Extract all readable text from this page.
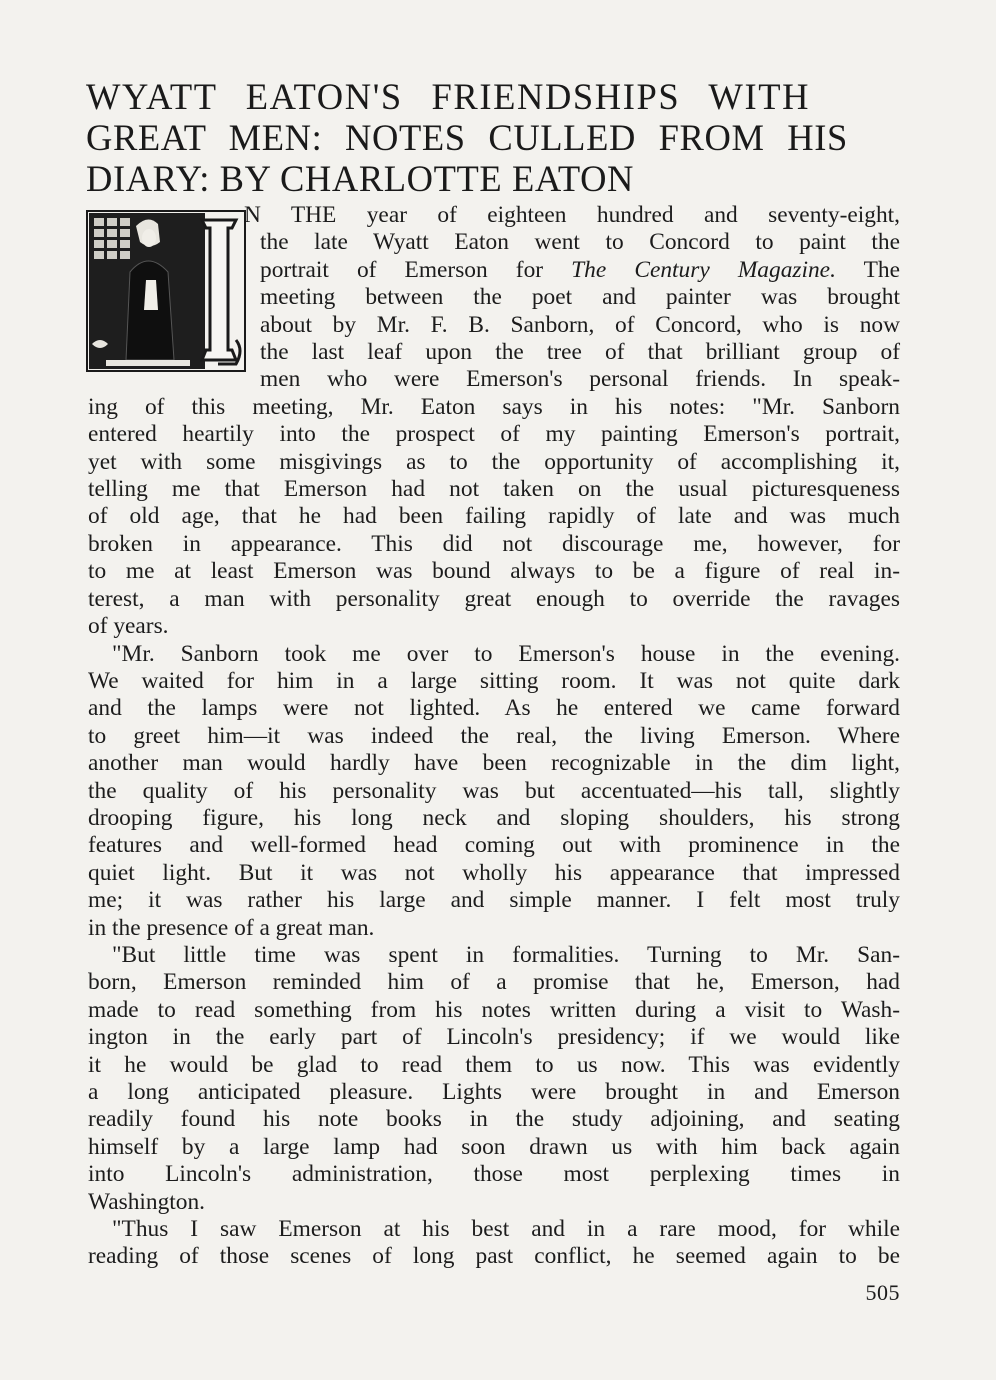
WYATT EATON'S FRIENDSHIPS WITH
GREAT MEN: NOTES CULLED FROM HIS
DIARY: BY CHARLOTTE EATON
N THE year of eighteen hundred and seventy-eight,
the late Wyatt Eaton went to Concord to paint the
portrait of Emerson for The Century Magazine. The
meeting between the poet and painter was brought
about by Mr. F. B. Sanborn, of Concord, who is now
the last leaf upon the tree of that brilliant group of
men who were Emerson's personal friends. In speak-
ing of this meeting, Mr. Eaton says in his notes: "Mr. Sanborn
entered heartily into the prospect of my painting Emerson's portrait,
yet with some misgivings as to the opportunity of accomplishing it,
telling me that Emerson had not taken on the usual picturesqueness
of old age, that he had been failing rapidly of late and was much
broken in appearance. This did not discourage me, however, for
to me at least Emerson was bound always to be a figure of real in-
terest, a man with personality great enough to override the ravages
of years.
"Mr. Sanborn took me over to Emerson's house in the evening.
We waited for him in a large sitting room. It was not quite dark
and the lamps were not lighted. As he entered we came forward
to greet him—it was indeed the real, the living Emerson. Where
another man would hardly have been recognizable in the dim light,
the quality of his personality was but accentuated—his tall, slightly
drooping figure, his long neck and sloping shoulders, his strong
features and well-formed head coming out with prominence in the
quiet light. But it was not wholly his appearance that impressed
me; it was rather his large and simple manner. I felt most truly
in the presence of a great man.
"But little time was spent in formalities. Turning to Mr. San-
born, Emerson reminded him of a promise that he, Emerson, had
made to read something from his notes written during a visit to Wash-
ington in the early part of Lincoln's presidency; if we would like
it he would be glad to read them to us now. This was evidently
a long anticipated pleasure. Lights were brought in and Emerson
readily found his note books in the study adjoining, and seating
himself by a large lamp had soon drawn us with him back again
into Lincoln's administration, those most perplexing times in
Washington.
"Thus I saw Emerson at his best and in a rare mood, for while
reading of those scenes of long past conflict, he seemed again to be
505
